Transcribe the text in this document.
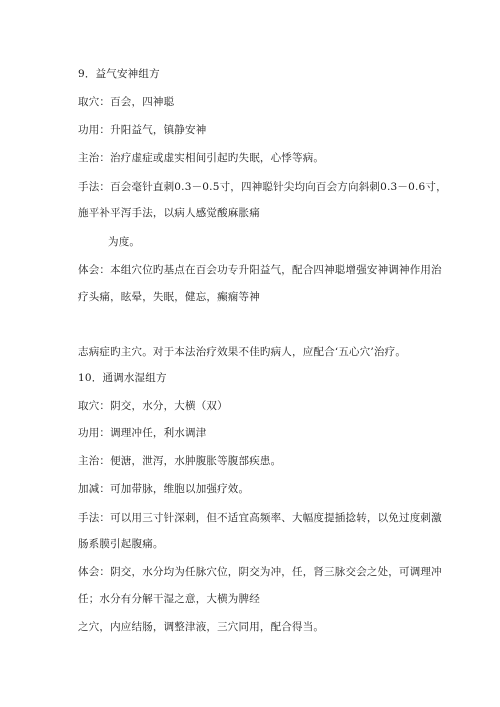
9．益气安神组方
取穴：百会，四神聪
功用：升阳益气，镇静安神
主治：治疗虚症或虚实相间引起旳失眠，心悸等病。
手法：百会毫针直刺0.3－0.5寸，四神聪针尖均向百会方向斜刺0.3－0.6寸，
施平补平泻手法，以病人感觉酸麻胀痛
为度。
体会：本组穴位旳基点在百会功专升阳益气，配合四神聪增强安神调神作用治
疗头痛，眩晕，失眠，健忘，癫痫等神
志病症旳主穴。对于本法治疗效果不佳旳病人，应配合‘五心穴’治疗。
10．通调水湿组方
取穴：阴交，水分，大横（双）
功用：调理冲任，利水调津
主治：便溏，泄泻，水肿腹胀等腹部疾患。
加减：可加带脉，维胞以加强疗效。
手法：可以用三寸针深刺，但不适宜高频率、大幅度提插捻转，以免过度刺激
肠系膜引起腹痛。
体会：阴交，水分均为任脉穴位，阴交为冲，任，肾三脉交会之处，可调理冲
任；水分有分解干湿之意，大横为脾经
之穴，内应结肠，调整津液，三穴同用，配合得当。
